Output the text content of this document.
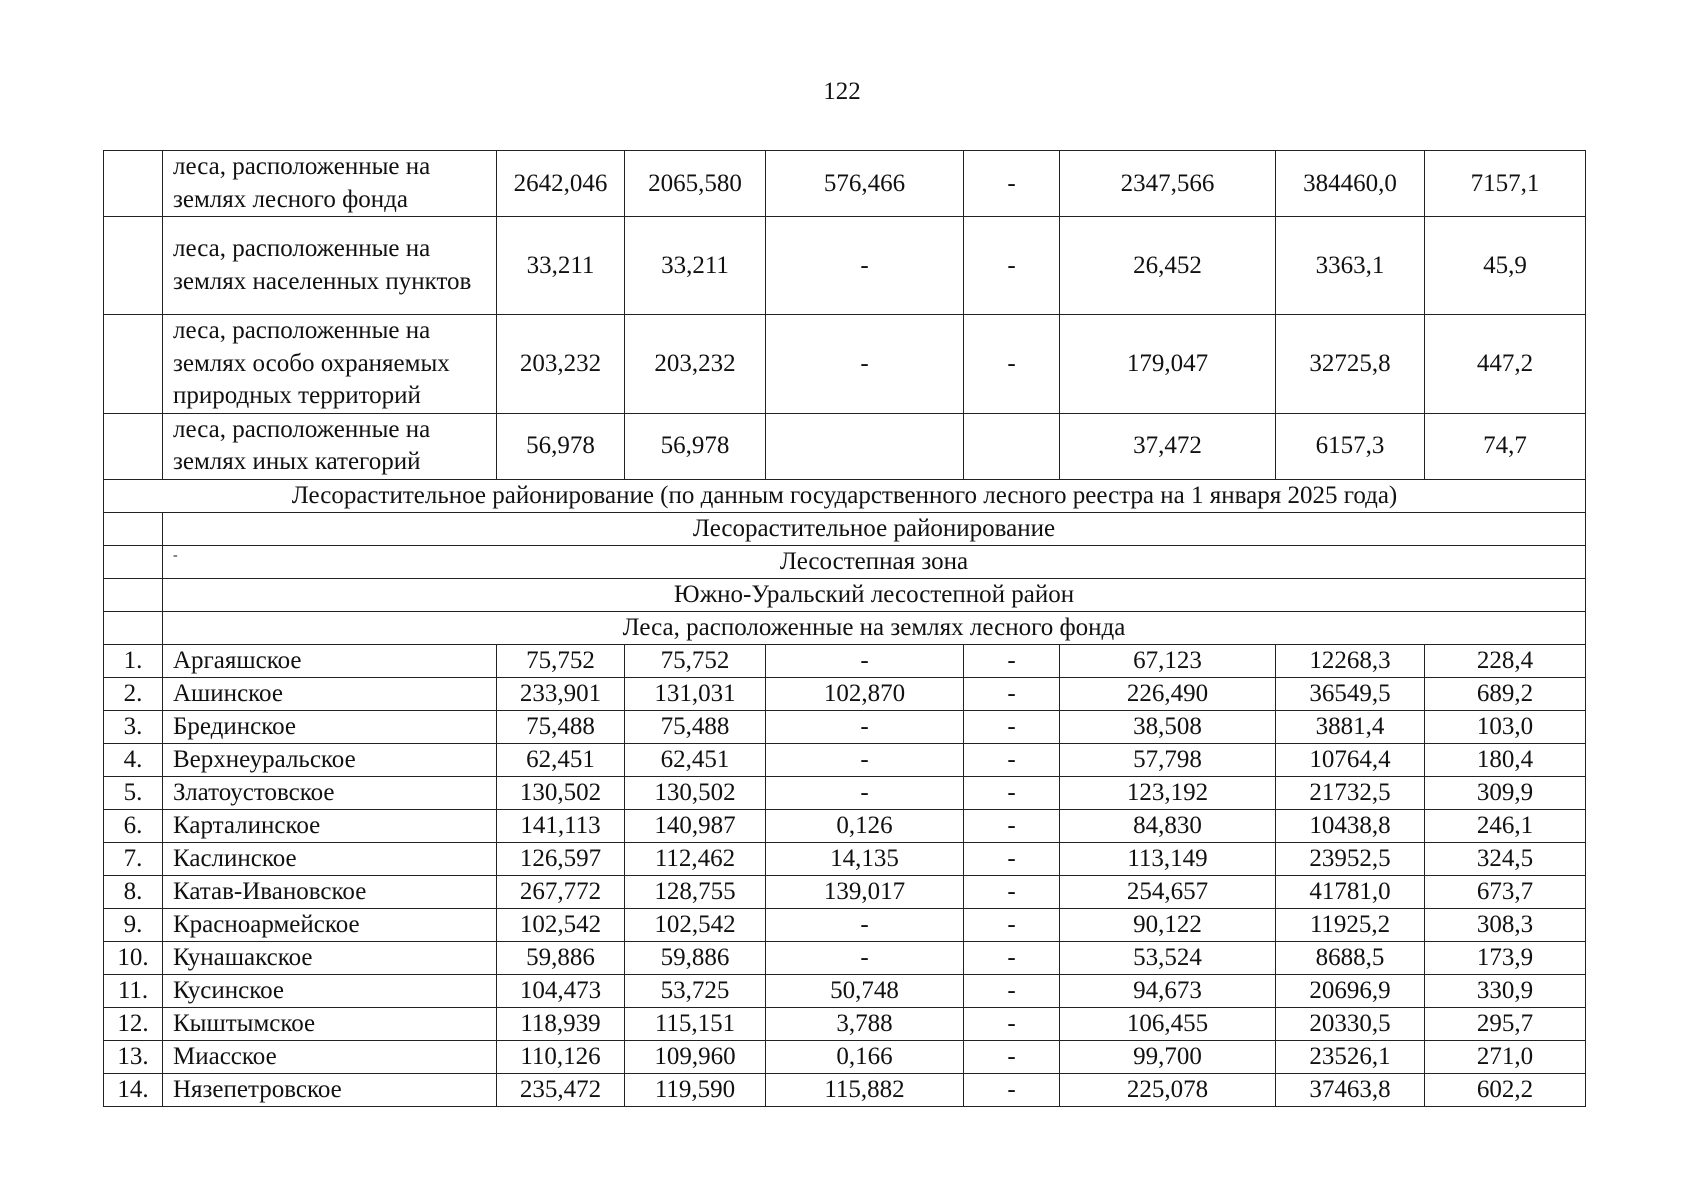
122
	леса, расположенные на землях лесного фонда	2642,046	2065,580	576,466	-	2347,566	384460,0	7157,1
	леса, расположенные на землях населенных пунктов	33,211	33,211	-	-	26,452	3363,1	45,9
	леса, расположенные на землях особо охраняемых природных территорий	203,232	203,232	-	-	179,047	32725,8	447,2
	леса, расположенные на землях иных категорий	56,978	56,978			37,472	6157,3	74,7
Лесорастительное районирование (по данным государственного лесного реестра на 1 января 2025 года)								
	Лесорастительное районирование							

	- Лесостепная зона							
	Южно-Уральский лесостепной район							
	Леса, расположенные на землях лесного фонда							
1.	Аргаяшское	75,752	75,752	-	-	67,123	12268,3	228,4
2.	Ашинское	233,901	131,031	102,870	-	226,490	36549,5	689,2
3.	Брединское	75,488	75,488	-	-	38,508	3881,4	103,0
4.	Верхнеуральское	62,451	62,451	-	-	57,798	10764,4	180,4
5.	Златоустовское	130,502	130,502	-	-	123,192	21732,5	309,9
6.	Карталинское	141,113	140,987	0,126	-	84,830	10438,8	246,1
7.	Каслинское	126,597	112,462	14,135	-	113,149	23952,5	324,5
8.	Катав-Ивановское	267,772	128,755	139,017	-	254,657	41781,0	673,7
9.	Красноармейское	102,542	102,542	-	-	90,122	11925,2	308,3
10.	Кунашакское	59,886	59,886	-	-	53,524	8688,5	173,9
11.	Кусинское	104,473	53,725	50,748	-	94,673	20696,9	330,9
12.	Кыштымское	118,939	115,151	3,788	-	106,455	20330,5	295,7
13.	Миасское	110,126	109,960	0,166	-	99,700	23526,1	271,0
14.	Нязепетровское	235,472	119,590	115,882	-	225,078	37463,8	602,2
